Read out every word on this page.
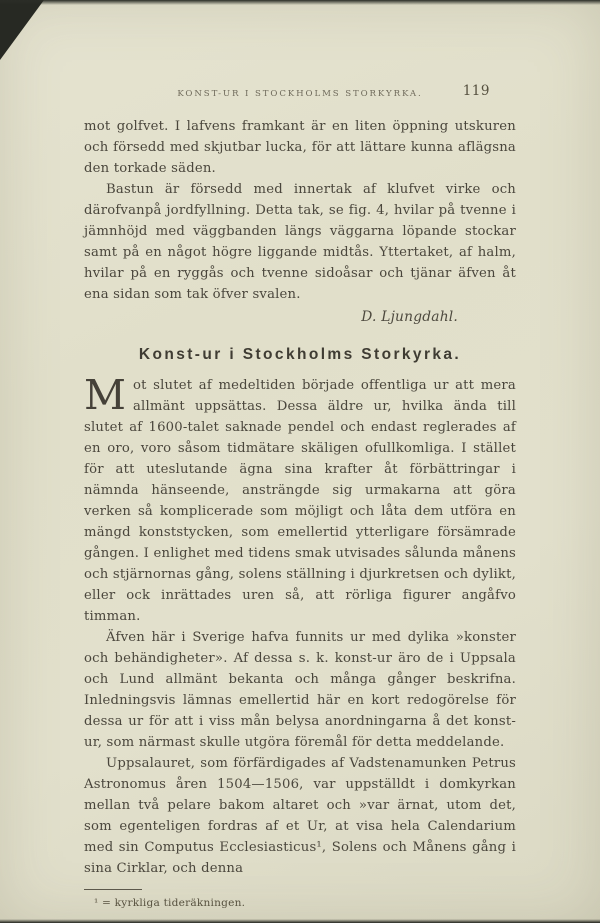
KONST-UR I STOCKHOLMS STORKYRKA.	119

mot golfvet. I lafvens framkant är en liten öppning utskuren och försedd med skjutbar lucka, för att lättare kunna aflägsna den torkade säden.

Bastun är försedd med innertak af klufvet virke och därofvanpå jordfyllning. Detta tak, se fig. 4, hvilar på tvenne i jämnhöjd med väggbanden längs väggarna löpande stockar samt på en något högre liggande midtås. Yttertaket, af halm, hvilar på en ryggås och tvenne sidoåsar och tjänar äfven åt ena sidan som tak öfver svalen.

D. Ljungdahl.

Konst-ur i Stockholms Storkyrka.

Mot slutet af medeltiden började offentliga ur att mera allmänt uppsättas. Dessa äldre ur, hvilka ända till slutet af 1600-talet saknade pendel och endast reglerades af en oro, voro såsom tidmätare skäligen ofullkomliga. I stället för att uteslutande ägna sina krafter åt förbättringar i nämnda hänseende, ansträngde sig urmakarna att göra verken så komplicerade som möjligt och låta dem utföra en mängd konststycken, som emellertid ytterligare försämrade gången. I enlighet med tidens smak utvisades sålunda månens och stjärnornas gång, solens ställning i djurkretsen och dylikt, eller ock inrättades uren så, att rörliga figurer angåfvo timman.

Äfven här i Sverige hafva funnits ur med dylika »konster och behändigheter». Af dessa s. k. konst-ur äro de i Uppsala och Lund allmänt bekanta och många gånger beskrifna. Inledningsvis lämnas emellertid här en kort redogörelse för dessa ur för att i viss mån belysa anordningarna å det konst-ur, som närmast skulle utgöra föremål för detta meddelande.

Uppsalauret, som förfärdigades af Vadstenamunken Petrus Astronomus åren 1504—1506, var uppställdt i domkyrkan mellan två pelare bakom altaret och »var ärnat, utom det, som egenteligen fordras af et Ur, at visa hela Calendarium med sin Computus Ecclesiasticus¹, Solens och Månens gång i sina Cirklar, och denna

¹ = kyrkliga tideräkningen.
